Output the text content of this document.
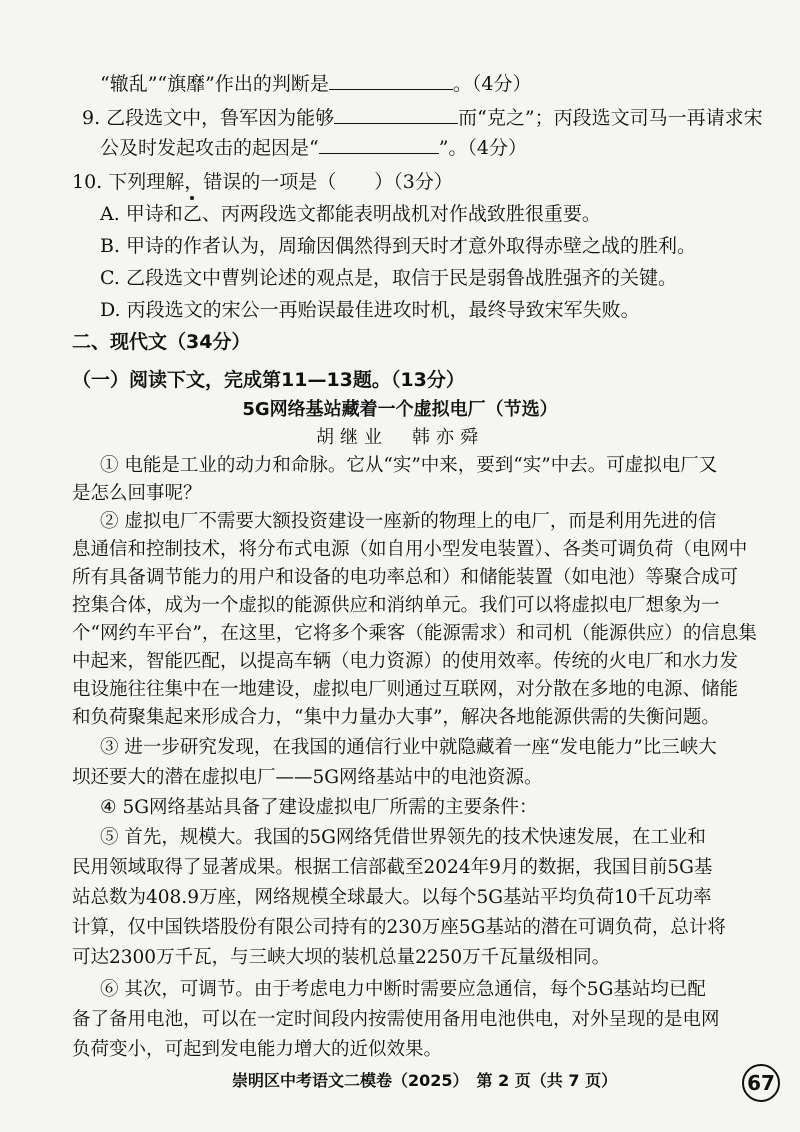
“辙乱”“旗靡”作出的判断是	。（4分）
9. 乙段选文中，鲁军因为能够	而“克之”；丙段选文司马一再请求宋
公及时发起攻击的起因是“	”。（4分）
10. 下列理解，错误的一项是（　　）（3分）
A. 甲诗和乙、丙两段选文都能表明战机对作战致胜很重要。
B. 甲诗的作者认为，周瑜因偶然得到天时才意外取得赤壁之战的胜利。
C. 乙段选文中曹刿论述的观点是，取信于民是弱鲁战胜强齐的关键。
D. 丙段选文的宋公一再贻误最佳进攻时机，最终导致宋军失败。
二、现代文（34分）
（一）阅读下文，完成第11—13题。（13分）
5G网络基站藏着一个虚拟电厂（节选）
胡继业　韩亦舜
① 电能是工业的动力和命脉。它从“实”中来，要到“实”中去。可虚拟电厂又
是怎么回事呢？
② 虚拟电厂不需要大额投资建设一座新的物理上的电厂，而是利用先进的信
息通信和控制技术，将分布式电源（如自用小型发电装置）、各类可调负荷（电网中
所有具备调节能力的用户和设备的电功率总和）和储能装置（如电池）等聚合成可
控集合体，成为一个虚拟的能源供应和消纳单元。我们可以将虚拟电厂想象为一
个“网约车平台”，在这里，它将多个乘客（能源需求）和司机（能源供应）的信息集
中起来，智能匹配，以提高车辆（电力资源）的使用效率。传统的火电厂和水力发
电设施往往集中在一地建设，虚拟电厂则通过互联网，对分散在多地的电源、储能
和负荷聚集起来形成合力，“集中力量办大事”，解决各地能源供需的失衡问题。
③ 进一步研究发现，在我国的通信行业中就隐藏着一座“发电能力”比三峡大
坝还要大的潜在虚拟电厂——5G网络基站中的电池资源。
④ 5G网络基站具备了建设虚拟电厂所需的主要条件：
⑤ 首先，规模大。我国的5G网络凭借世界领先的技术快速发展，在工业和
民用领域取得了显著成果。根据工信部截至2024年9月的数据，我国目前5G基
站总数为408.9万座，网络规模全球最大。以每个5G基站平均负荷10千瓦功率
计算，仅中国铁塔股份有限公司持有的230万座5G基站的潜在可调负荷，总计将
可达2300万千瓦，与三峡大坝的装机总量2250万千瓦量级相同。
⑥ 其次，可调节。由于考虑电力中断时需要应急通信，每个5G基站均已配
备了备用电池，可以在一定时间段内按需使用备用电池供电，对外呈现的是电网
负荷变小，可起到发电能力增大的近似效果。
崇明区中考语文二模卷（2025）　第 2 页（共 7 页）	67
